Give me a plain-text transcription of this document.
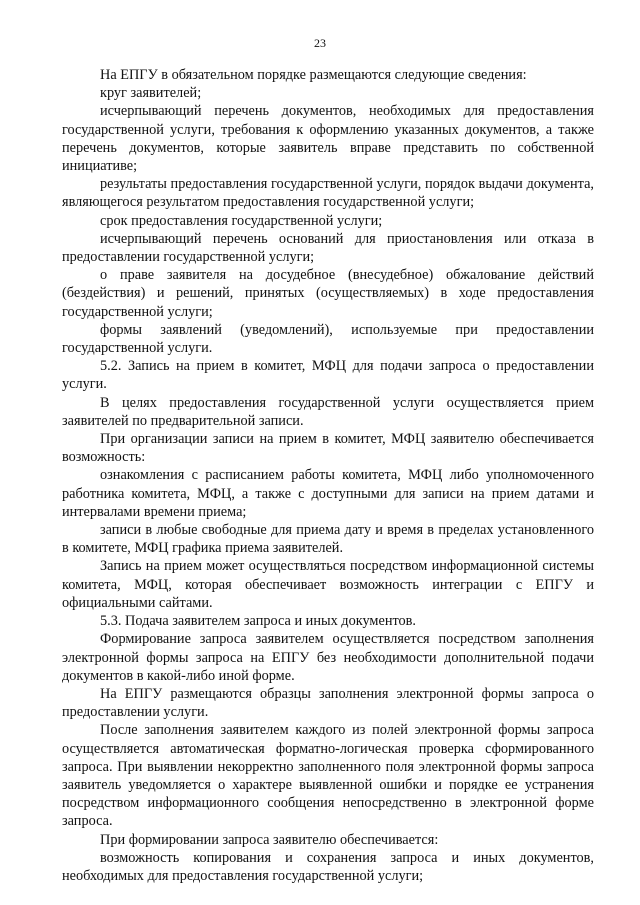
23

На ЕПГУ в обязательном порядке размещаются следующие сведения:

круг заявителей;

исчерпывающий перечень документов, необходимых для предоставления государственной услуги, требования к оформлению указанных документов, а также перечень документов, которые заявитель вправе представить по собственной инициативе;

результаты предоставления государственной услуги, порядок выдачи документа, являющегося результатом предоставления государственной услуги;

срок предоставления государственной услуги;

исчерпывающий перечень оснований для приостановления или отказа в предоставлении государственной услуги;

о праве заявителя на досудебное (внесудебное) обжалование действий (бездействия) и решений, принятых (осуществляемых) в ходе предоставления государственной услуги;

формы заявлений (уведомлений), используемые при предоставлении государственной услуги.

5.2. Запись на прием в комитет, МФЦ для подачи запроса о предоставлении услуги.

В целях предоставления государственной услуги осуществляется прием заявителей по предварительной записи.

При организации записи на прием в комитет, МФЦ заявителю обеспечивается возможность:

ознакомления с расписанием работы комитета, МФЦ либо уполномоченного работника комитета, МФЦ, а также с доступными для записи на прием датами и интервалами времени приема;

записи в любые свободные для приема дату и время в пределах установленного в комитете, МФЦ графика приема заявителей.

Запись на прием может осуществляться посредством информационной системы комитета, МФЦ, которая обеспечивает возможность интеграции с ЕПГУ и официальными сайтами.

5.3. Подача заявителем запроса и иных документов.

Формирование запроса заявителем осуществляется посредством заполнения электронной формы запроса на ЕПГУ без необходимости дополнительной подачи документов в какой-либо иной форме.

На ЕПГУ размещаются образцы заполнения электронной формы запроса о предоставлении услуги.

После заполнения заявителем каждого из полей электронной формы запроса осуществляется автоматическая форматно-логическая проверка сформированного запроса. При выявлении некорректно заполненного поля электронной формы запроса заявитель уведомляется о характере выявленной ошибки и порядке ее устранения посредством информационного сообщения непосредственно в электронной форме запроса.

При формировании запроса заявителю обеспечивается:

возможность копирования и сохранения запроса и иных документов, необходимых для предоставления государственной услуги;
